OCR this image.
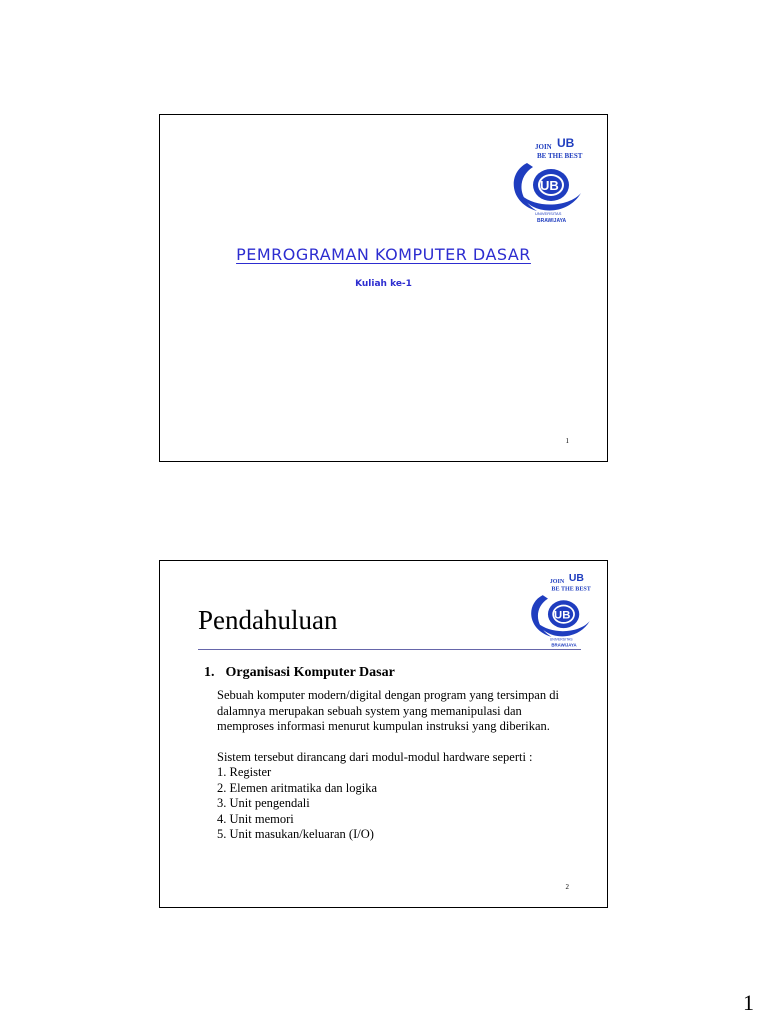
JOIN UB
BE THE BEST
UB
UNIVERSITAS
BRAWIJAYA
PEMROGRAMAN KOMPUTER DASAR
Kuliah ke-1
1
JOIN UB
BE THE BEST
UB
UNIVERSITAS
BRAWIJAYA
Pendahuluan
1. Organisasi Komputer Dasar

Sebuah komputer modern/digital dengan program yang tersimpan di

dalamnya merupakan sebuah system yang memanipulasi dan

memproses informasi menurut kumpulan instruksi yang diberikan.

Sistem tersebut dirancang dari modul-modul hardware seperti :

1. Register

2. Elemen aritmatika dan logika

3. Unit pengendali

4. Unit memori

5. Unit masukan/keluaran (I/O)

2
1
